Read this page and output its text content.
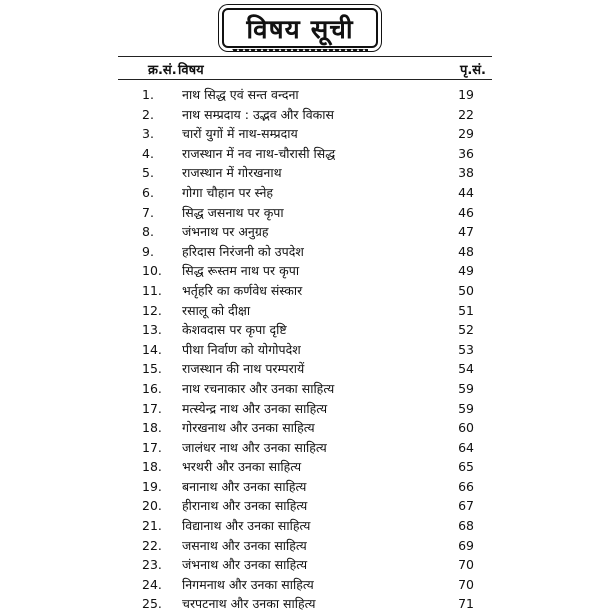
विषय सूची
क्र.सं. विषय	पृ.सं.
1.	नाथ सिद्ध एवं सन्त वन्दना	19
2.	नाथ सम्प्रदाय : उद्भव और विकास	22
3.	चारों युगों में नाथ-सम्प्रदाय	29
4.	राजस्थान में नव नाथ-चौरासी सिद्ध	36
5.	राजस्थान में गोरखनाथ	38
6.	गोगा चौहान पर स्नेह	44
7.	सिद्ध जसनाथ पर कृपा	46
8.	जंभनाथ पर अनुग्रह	47
9.	हरिदास निरंजनी को उपदेश	48
10.	सिद्ध रूस्तम नाथ पर कृपा	49
11.	भर्तृहरि का कर्णवेध संस्कार	50
12.	रसालू को दीक्षा	51
13.	केशवदास पर कृपा दृष्टि	52
14.	पीथा निर्वाण को योगोपदेश	53
15.	राजस्थान की नाथ परम्परायें	54
16.	नाथ रचनाकार और उनका साहित्य	59
17.	मत्स्येन्द्र नाथ और उनका साहित्य	59
18.	गोरखनाथ और उनका साहित्य	60
17.	जालंधर नाथ और उनका साहित्य	64
18.	भरथरी और उनका साहित्य	65
19.	बनानाथ और उनका साहित्य	66
20.	हीरानाथ और उनका साहित्य	67
21.	विद्यानाथ और उनका साहित्य	68
22.	जसनाथ और उनका साहित्य	69
23.	जंभनाथ और उनका साहित्य	70
24.	निगमनाथ और उनका साहित्य	70
25.	चरपटनाथ और उनका साहित्य	71
